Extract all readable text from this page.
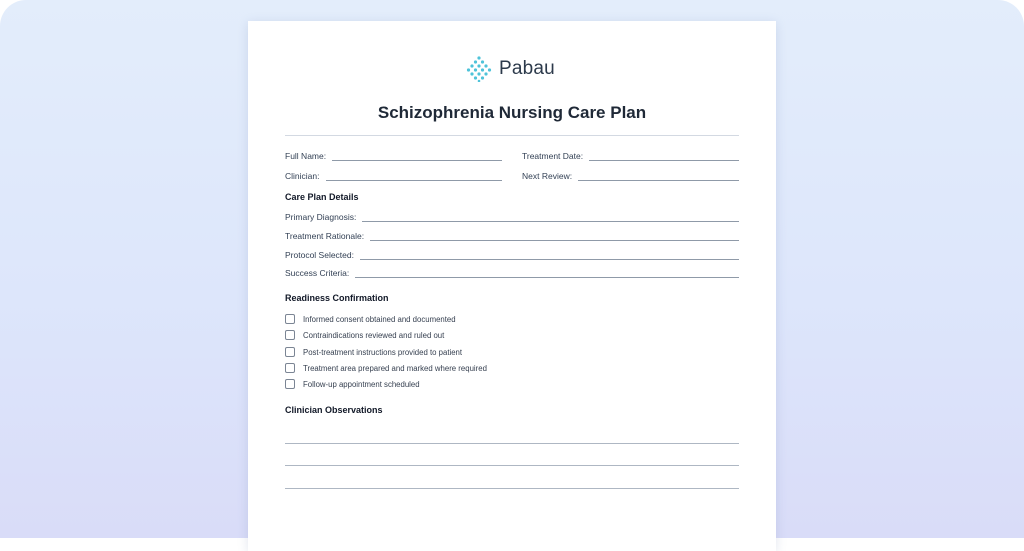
Pabau
Schizophrenia Nursing Care Plan
Full Name:	Treatment Date:
Clinician:	Next Review:
Care Plan Details
Primary Diagnosis:
Treatment Rationale:
Protocol Selected:
Success Criteria:
Readiness Confirmation
Informed consent obtained and documented
Contraindications reviewed and ruled out
Post-treatment instructions provided to patient
Treatment area prepared and marked where required
Follow-up appointment scheduled
Clinician Observations
